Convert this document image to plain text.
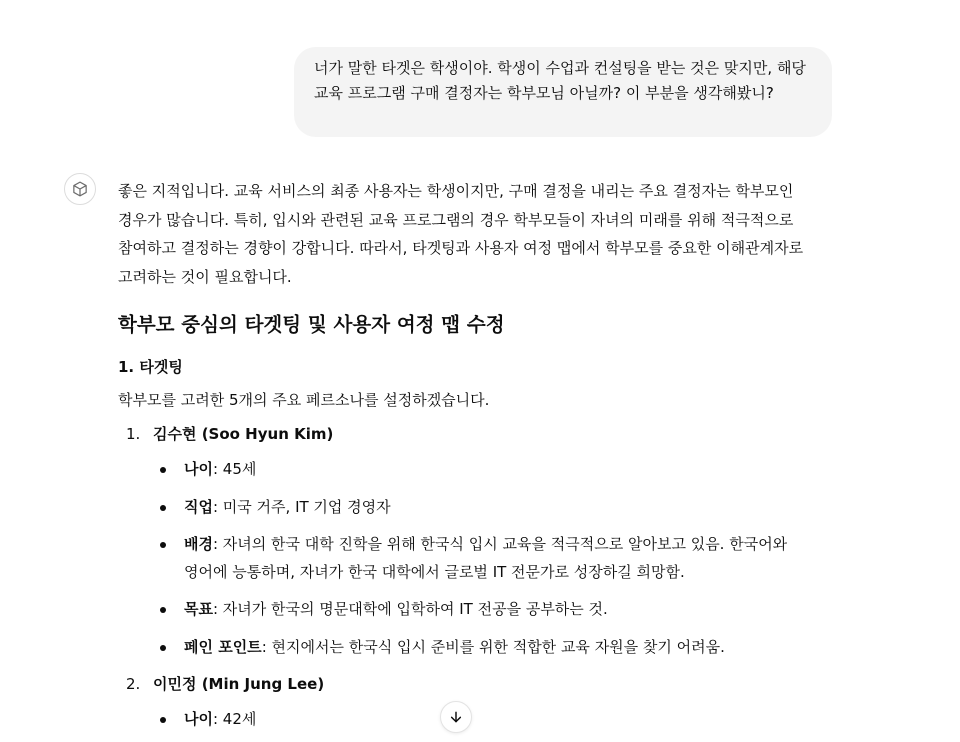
너가 말한 타겟은 학생이야. 학생이 수업과 컨설팅을 받는 것은 맞지만, 해당 교육 프로그램 구매 결정자는 학부모님 아닐까? 이 부분을 생각해봤니?

좋은 지적입니다. 교육 서비스의 최종 사용자는 학생이지만, 구매 결정을 내리는 주요 결정자는 학부모인 경우가 많습니다. 특히, 입시와 관련된 교육 프로그램의 경우 학부모들이 자녀의 미래를 위해 적극적으로 참여하고 결정하는 경향이 강합니다. 따라서, 타겟팅과 사용자 여정 맵에서 학부모를 중요한 이해관계자로 고려하는 것이 필요합니다.

학부모 중심의 타겟팅 및 사용자 여정 맵 수정

1. 타겟팅

학부모를 고려한 5개의 주요 페르소나를 설정하겠습니다.

1. 김수현 (Soo Hyun Kim)
나이: 45세
직업: 미국 거주, IT 기업 경영자
배경: 자녀의 한국 대학 진학을 위해 한국식 입시 교육을 적극적으로 알아보고 있음. 한국어와 영어에 능통하며, 자녀가 한국 대학에서 글로벌 IT 전문가로 성장하길 희망함.
목표: 자녀가 한국의 명문대학에 입학하여 IT 전공을 공부하는 것.
페인 포인트: 현지에서는 한국식 입시 준비를 위한 적합한 교육 자원을 찾기 어려움.
2. 이민정 (Min Jung Lee)
나이: 42세
